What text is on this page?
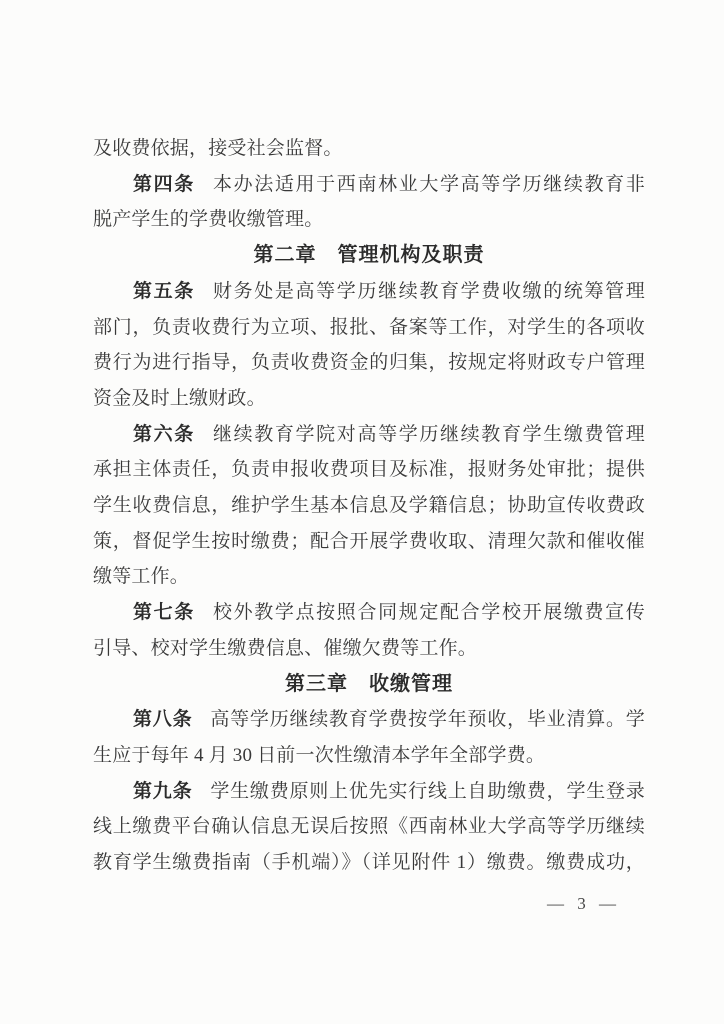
及收费依据，接受社会监督。
第四条 本办法适用于西南林业大学高等学历继续教育非
脱产学生的学费收缴管理。
第二章　管理机构及职责
第五条 财务处是高等学历继续教育学费收缴的统筹管理
部门，负责收费行为立项、报批、备案等工作，对学生的各项收
费行为进行指导，负责收费资金的归集，按规定将财政专户管理
资金及时上缴财政。
第六条 继续教育学院对高等学历继续教育学生缴费管理
承担主体责任，负责申报收费项目及标准，报财务处审批；提供
学生收费信息，维护学生基本信息及学籍信息；协助宣传收费政
策，督促学生按时缴费；配合开展学费收取、清理欠款和催收催
缴等工作。
第七条 校外教学点按照合同规定配合学校开展缴费宣传
引导、校对学生缴费信息、催缴欠费等工作。
第三章　收缴管理
第八条 高等学历继续教育学费按学年预收，毕业清算。学
生应于每年 4 月 30 日前一次性缴清本学年全部学费。
第九条 学生缴费原则上优先实行线上自助缴费，学生登录
线上缴费平台确认信息无误后按照《西南林业大学高等学历继续
教育学生缴费指南（手机端）》（详见附件 1）缴费。缴费成功，
— 3 —
